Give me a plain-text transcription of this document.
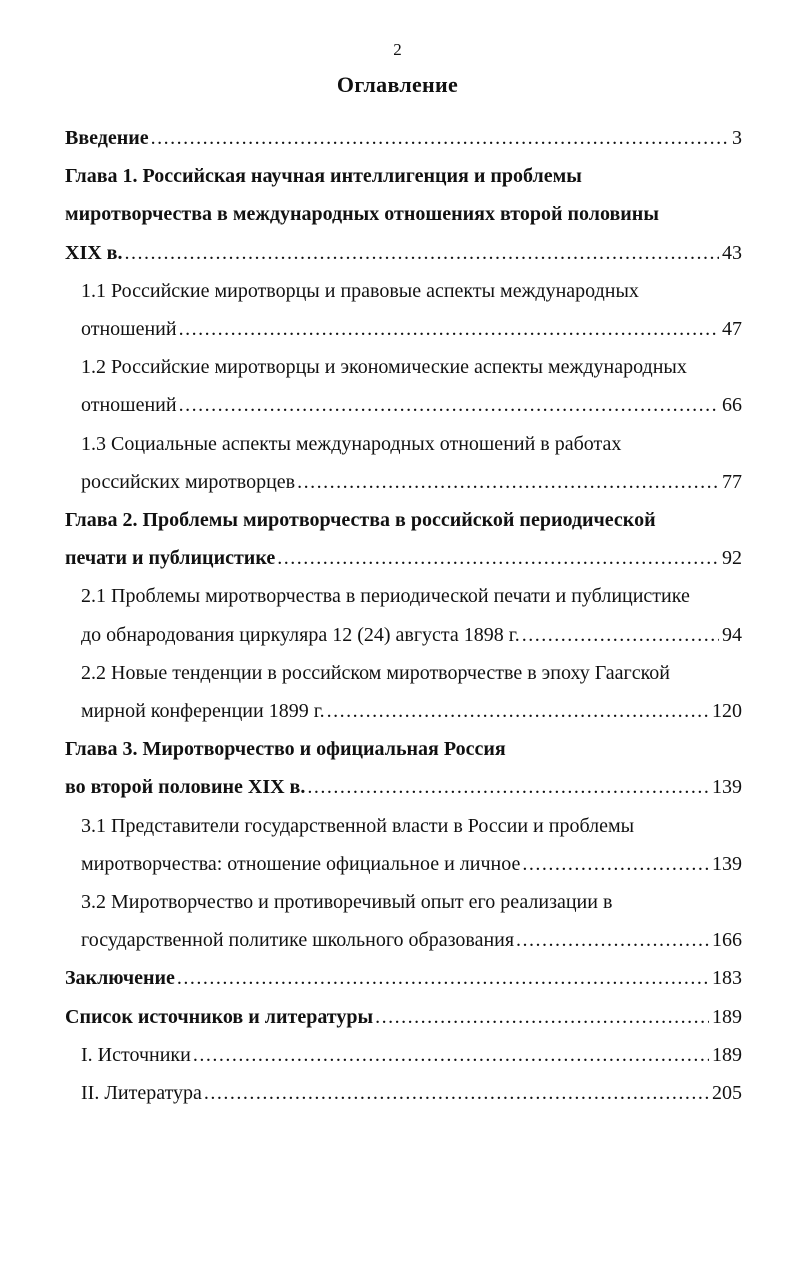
2
Оглавление
Введение .....	3
Глава 1. Российская научная интеллигенция и проблемы
миротворчества в международных отношениях второй половины
XIX в. .....	43
1.1 Российские миротворцы и правовые аспекты международных
отношений .....	47
1.2 Российские миротворцы и экономические аспекты международных
отношений .....	66
1.3 Социальные аспекты международных отношений в работах
российских миротворцев .....	77
Глава 2. Проблемы миротворчества в российской периодической
печати и публицистике .....	92
2.1 Проблемы миротворчества в периодической печати и публицистике
до обнародования циркуляра 12 (24) августа 1898 г. .....	94
2.2 Новые тенденции в российском миротворчестве в эпоху Гаагской
мирной конференции 1899 г. .....	120
Глава 3. Миротворчество и официальная Россия
во второй половине XIX в. .....	139
3.1 Представители государственной власти в России и проблемы
миротворчества: отношение официальное и личное .....	139
3.2 Миротворчество и противоречивый опыт его реализации в
государственной политике школьного образования .....	166
Заключение .....	183
Список источников и литературы .....	189
I. Источники .....	189
II. Литература .....	205
